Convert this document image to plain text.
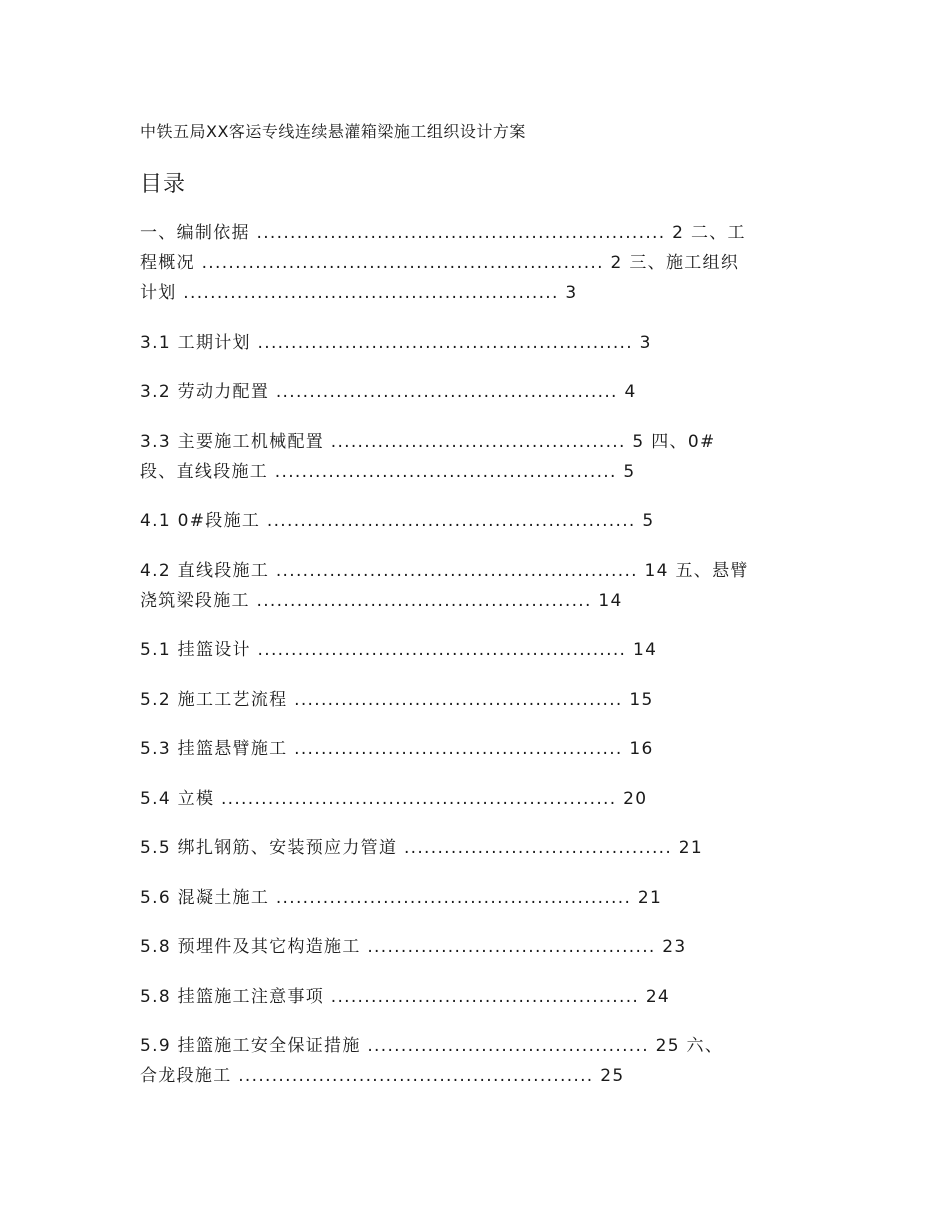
中铁五局XX客运专线连续悬灌箱梁施工组织设计方案
目录
一、编制依据 ............................................................. 2 二、工
程概况 ............................................................ 2 三、施工组织
计划 ........................................................ 3
3.1 工期计划 ........................................................ 3
3.2 劳动力配置 ................................................... 4
3.3 主要施工机械配置 ............................................ 5 四、0#
段、直线段施工 ................................................... 5
4.1 0#段施工 ....................................................... 5
4.2 直线段施工 ...................................................... 14 五、悬臂
浇筑梁段施工 .................................................. 14
5.1 挂篮设计 ....................................................... 14
5.2 施工工艺流程 ................................................. 15
5.3 挂篮悬臂施工 ................................................. 16
5.4 立模 ........................................................... 20
5.5 绑扎钢筋、安装预应力管道 ........................................ 21
5.6 混凝土施工 ..................................................... 21
5.8 预埋件及其它构造施工 ........................................... 23
5.8 挂篮施工注意事项 .............................................. 24
5.9 挂篮施工安全保证措施 .......................................... 25 六、
合龙段施工 ..................................................... 25
